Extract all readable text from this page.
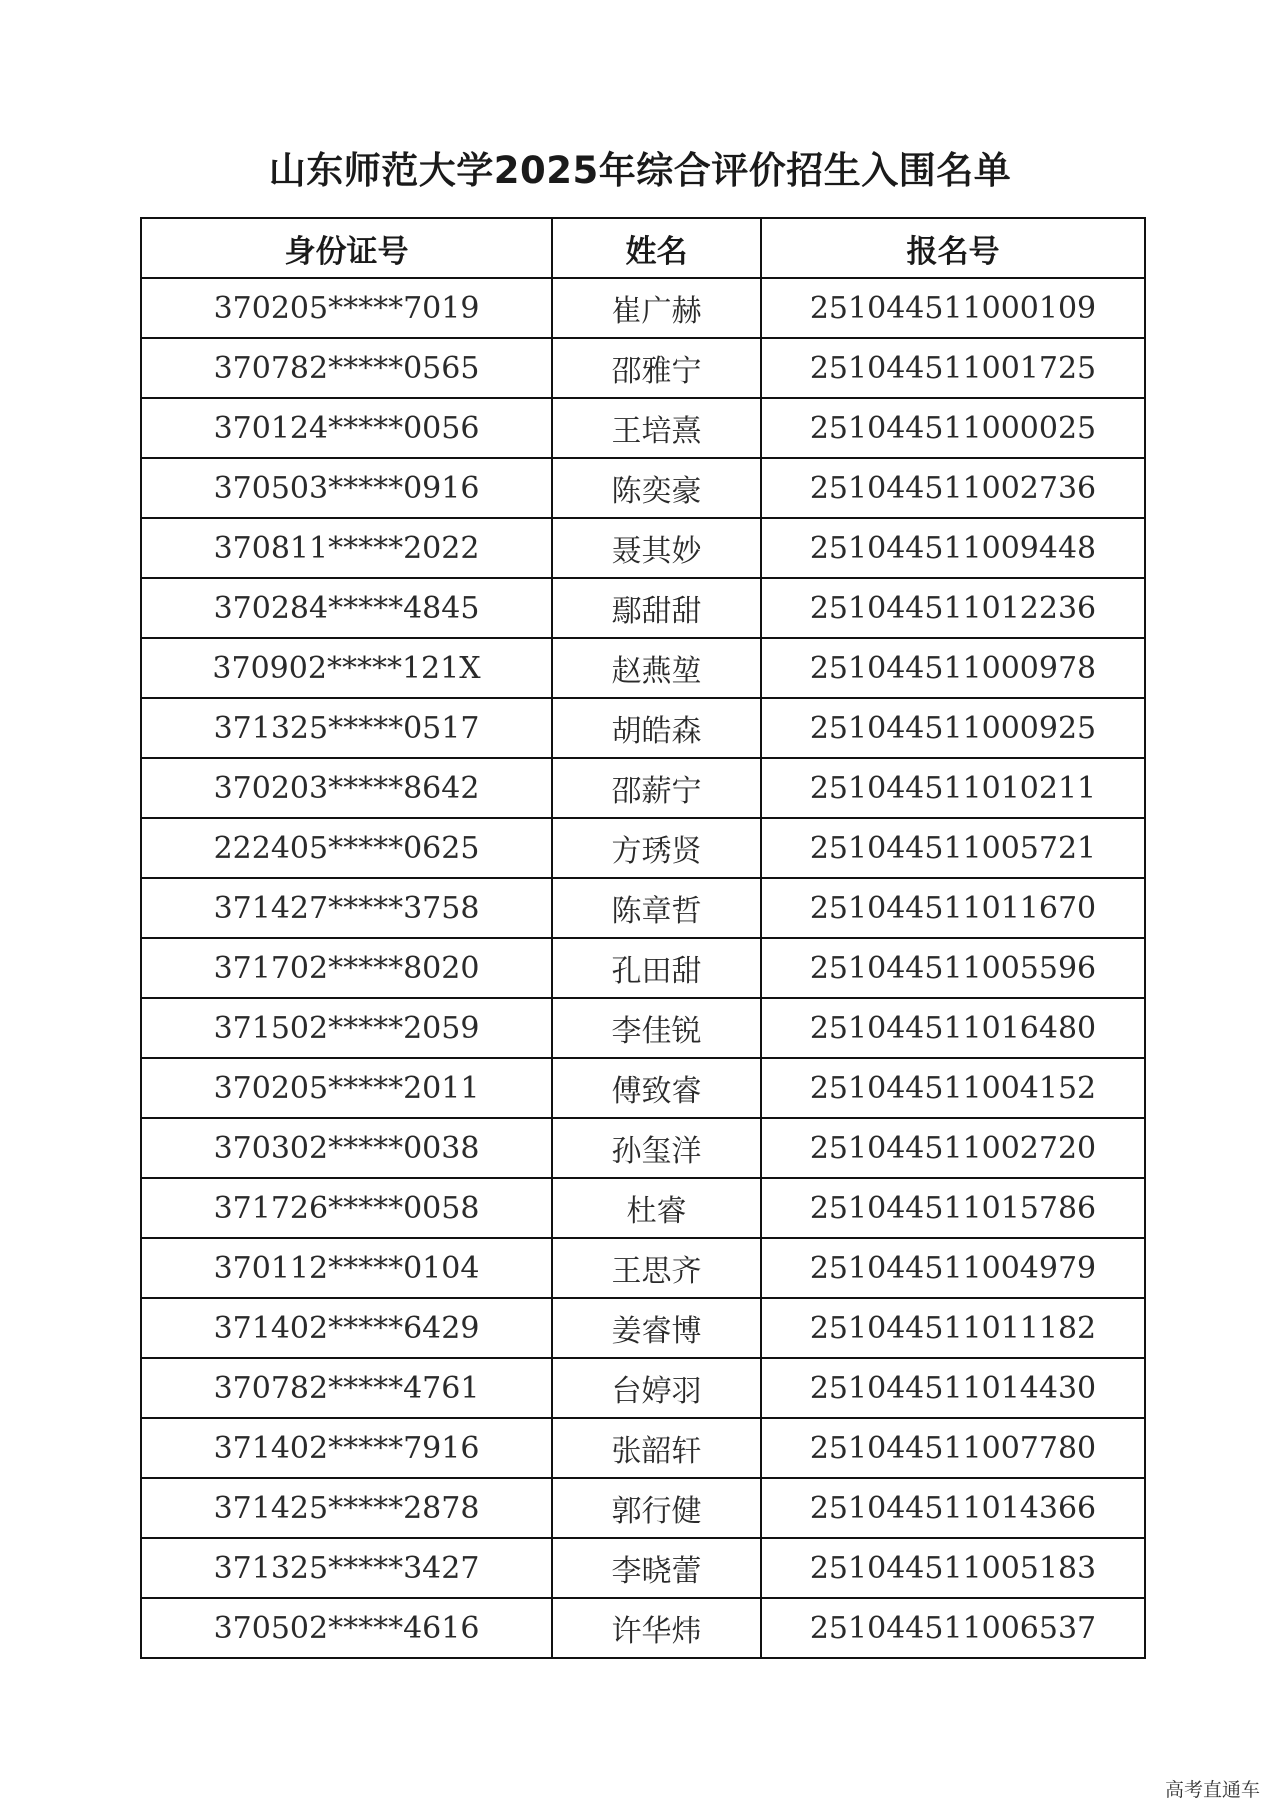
山东师范大学2025年综合评价招生入围名单
身份证号	姓名	报名号
370205*****7019	崔广赫	251044511000109
370782*****0565	邵雅宁	251044511001725
370124*****0056	王培熹	251044511000025
370503*****0916	陈奕豪	251044511002736
370811*****2022	聂其妙	251044511009448
370284*****4845	鄢甜甜	251044511012236
370902*****121X	赵燕堃	251044511000978
371325*****0517	胡皓森	251044511000925
370203*****8642	邵薪宁	251044511010211
222405*****0625	方琇贤	251044511005721
371427*****3758	陈章哲	251044511011670
371702*****8020	孔田甜	251044511005596
371502*****2059	李佳锐	251044511016480
370205*****2011	傅致睿	251044511004152
370302*****0038	孙玺洋	251044511002720
371726*****0058	杜睿	251044511015786
370112*****0104	王思齐	251044511004979
371402*****6429	姜睿博	251044511011182
370782*****4761	台婷羽	251044511014430
371402*****7916	张韶轩	251044511007780
371425*****2878	郭行健	251044511014366
371325*****3427	李晓蕾	251044511005183
370502*****4616	许华炜	251044511006537
高考直通车
